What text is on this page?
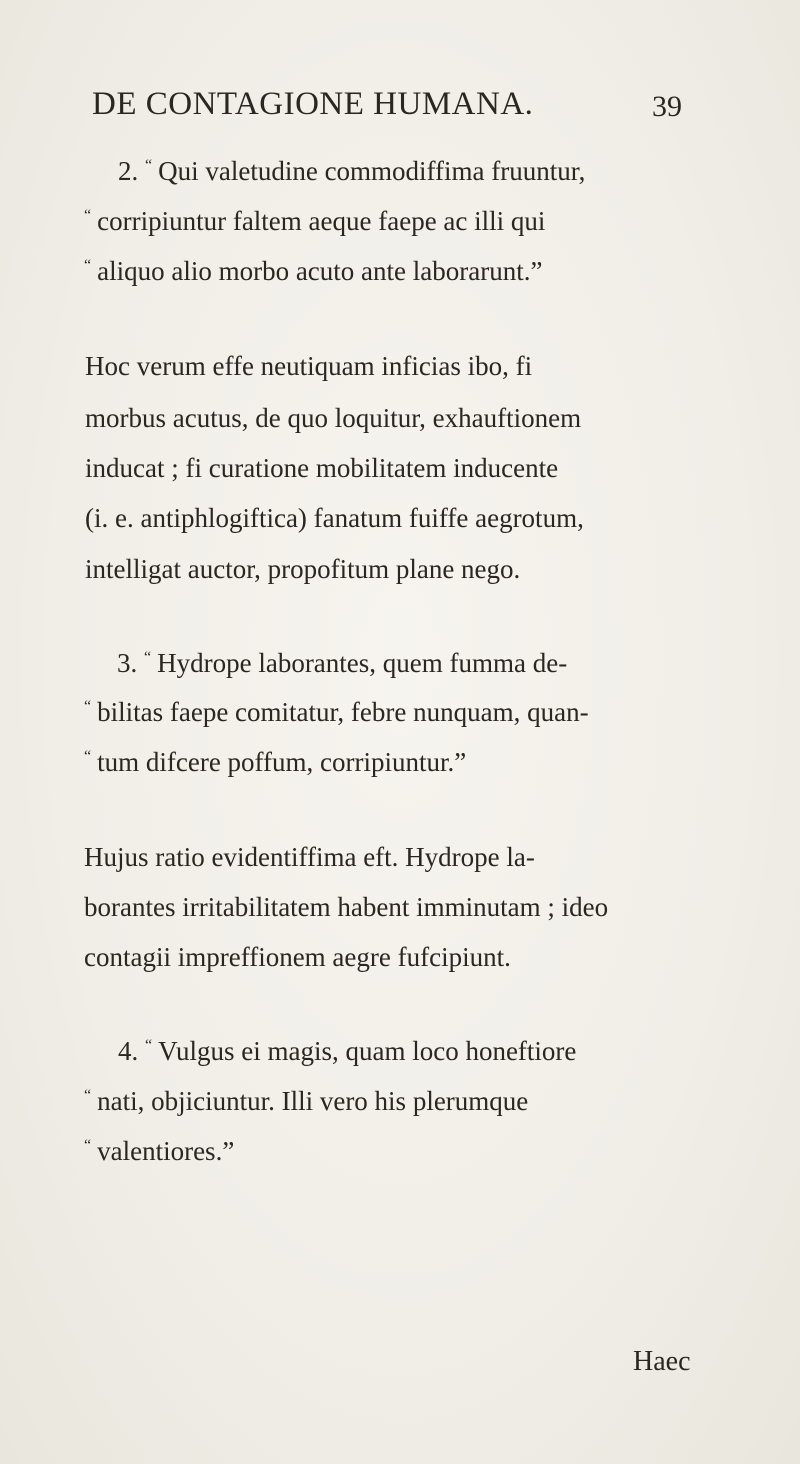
DE CONTAGIONE HUMANA.	39
2. “ Qui valetudine commodiffima fruuntur,
“ corripiuntur faltem aeque faepe ac illi qui
“ aliquo alio morbo acuto ante laborarunt.”
Hoc verum effe neutiquam inficias ibo, fi
morbus acutus, de quo loquitur, exhauftionem
inducat ; fi curatione mobilitatem inducente
(i. e. antiphlogiftica) fanatum fuiffe aegrotum,
intelligat auctor, propofitum plane nego.
3. “ Hydrope laborantes, quem fumma de-
“ bilitas faepe comitatur, febre nunquam, quan-
“ tum difcere poffum, corripiuntur.”
Hujus ratio evidentiffima eft. Hydrope la-
borantes irritabilitatem habent imminutam ; ideo
contagii impreffionem aegre fufcipiunt.
4. “ Vulgus ei magis, quam loco honeftiore
“ nati, objiciuntur. Illi vero his plerumque
“ valentiores.”
Haec
